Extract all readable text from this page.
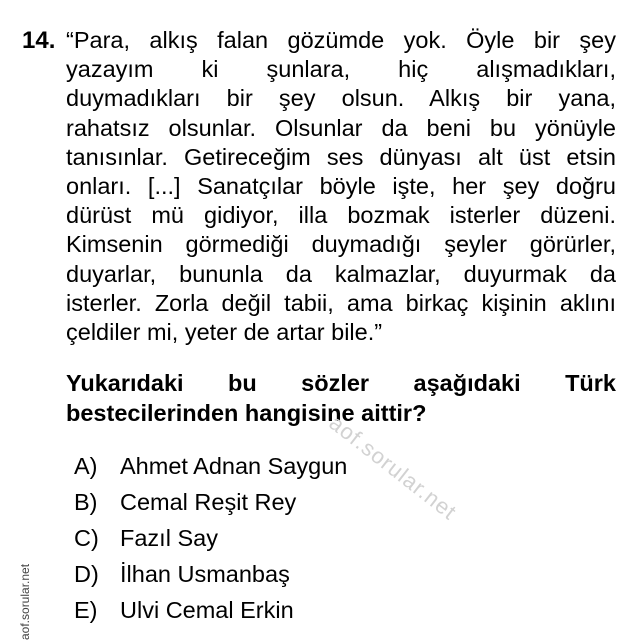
14. “Para, alkış falan gözümde yok. Öyle bir şey
yazayım ki şunlara, hiç alışmadıkları,
duymadıkları bir şey olsun. Alkış bir yana,
rahatsız olsunlar. Olsunlar da beni bu yönüyle
tanısınlar. Getireceğim ses dünyası alt üst etsin
onları. [...] Sanatçılar böyle işte, her şey doğru
dürüst mü gidiyor, illa bozmak isterler düzeni.
Kimsenin görmediği duymadığı şeyler görürler,
duyarlar, bununla da kalmazlar, duyurmak da
isterler. Zorla değil tabii, ama birkaç kişinin aklını
çeldiler mi, yeter de artar bile.”
Yukarıdaki bu sözler aşağıdaki Türk
bestecilerinden hangisine aittir?
A) Ahmet Adnan Saygun
B) Cemal Reşit Rey
C) Fazıl Say
D) İlhan Usmanbaş
E) Ulvi Cemal Erkin
aof.sorular.net
aof.sorular.net
